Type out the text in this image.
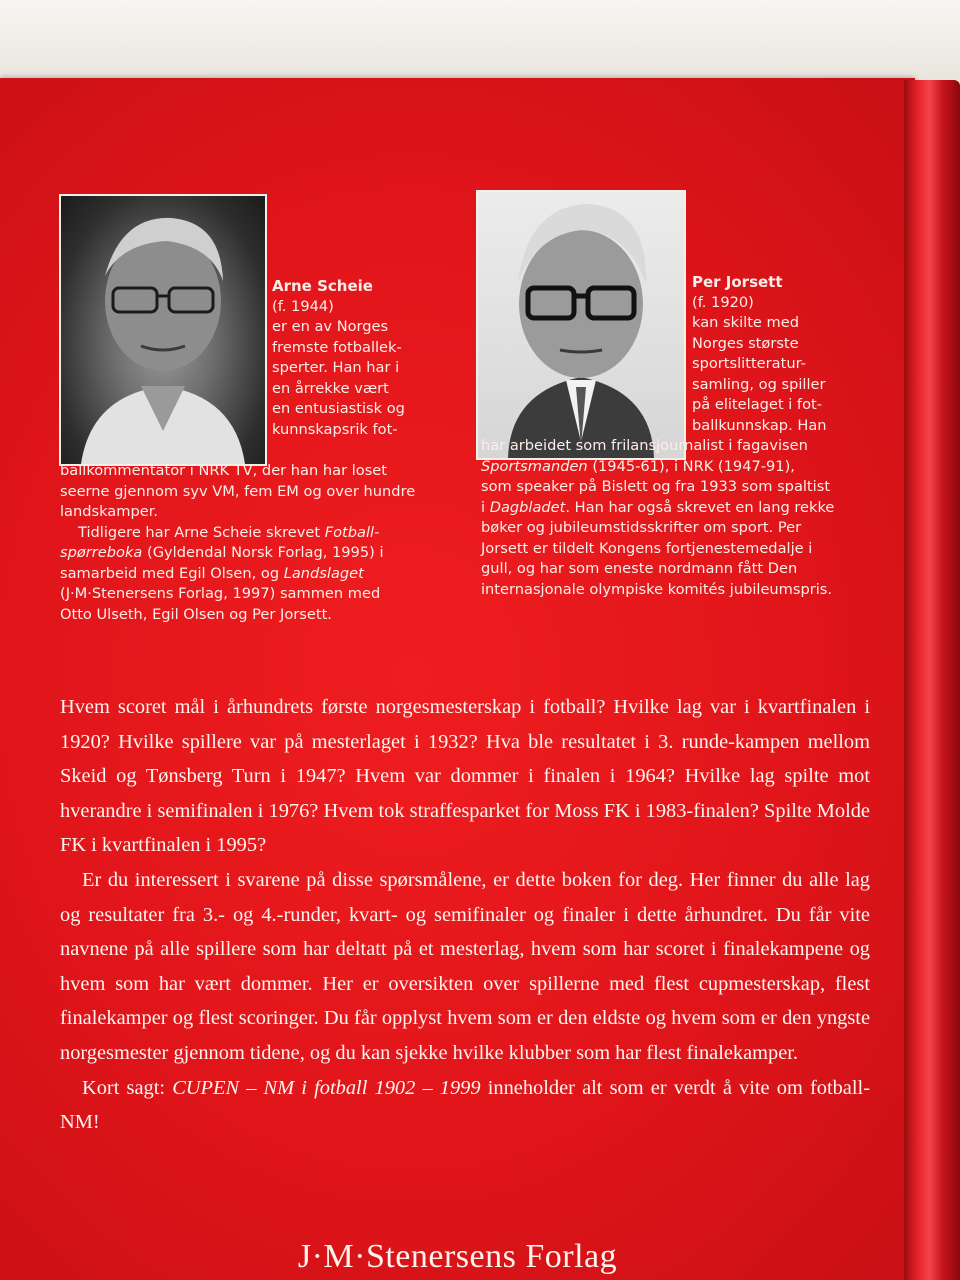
Arne Scheie
(f. 1944)
er en av Norges
fremste fotballek-
sperter. Han har i
en årrekke vært
en entusiastisk og
kunnskapsrik fot-
ballkommentator i NRK TV, der han har loset
seerne gjennom syv VM, fem EM og over hundre
landskamper.
Tidligere har Arne Scheie skrevet Fotball-
spørreboka (Gyldendal Norsk Forlag, 1995) i
samarbeid med Egil Olsen, og Landslaget
(J·M·Stenersens Forlag, 1997) sammen med
Otto Ulseth, Egil Olsen og Per Jorsett.
Per Jorsett
(f. 1920)
kan skilte med
Norges største
sportslitteratur-
samling, og spiller
på elitelaget i fot-
ballkunnskap. Han
har arbeidet som frilansjournalist i fagavisen
Sportsmanden (1945-61), i NRK (1947-91),
som speaker på Bislett og fra 1933 som spaltist
i Dagbladet. Han har også skrevet en lang rekke
bøker og jubileumstidsskrifter om sport. Per
Jorsett er tildelt Kongens fortjenestemedalje i
gull, og har som eneste nordmann fått Den
internasjonale olympiske komités jubileumspris.

Hvem scoret mål i århundrets første norgesmesterskap i fotball? Hvilke lag var i kvartfinalen i 1920? Hvilke spillere var på mesterlaget i 1932? Hva ble resultatet i 3. runde-kampen mellom Skeid og Tønsberg Turn i 1947? Hvem var dommer i finalen i 1964? Hvilke lag spilte mot hverandre i semifinalen i 1976? Hvem tok straffesparket for Moss FK i 1983-finalen? Spilte Molde FK i kvartfinalen i 1995?

Er du interessert i svarene på disse spørsmålene, er dette boken for deg. Her finner du alle lag og resultater fra 3.- og 4.-runder, kvart- og semifinaler og finaler i dette århundret. Du får vite navnene på alle spillere som har deltatt på et mesterlag, hvem som har scoret i finalekampene og hvem som har vært dommer. Her er oversikten over spillerne med flest cupmesterskap, flest finalekamper og flest scoringer. Du får opplyst hvem som er den eldste og hvem som er den yngste norgesmester gjennom tidene, og du kan sjekke hvilke klubber som har flest finalekamper.

Kort sagt: CUPEN – NM i fotball 1902 – 1999 inneholder alt som er verdt å vite om fotball-NM!

J·M·Stenersens Forlag
